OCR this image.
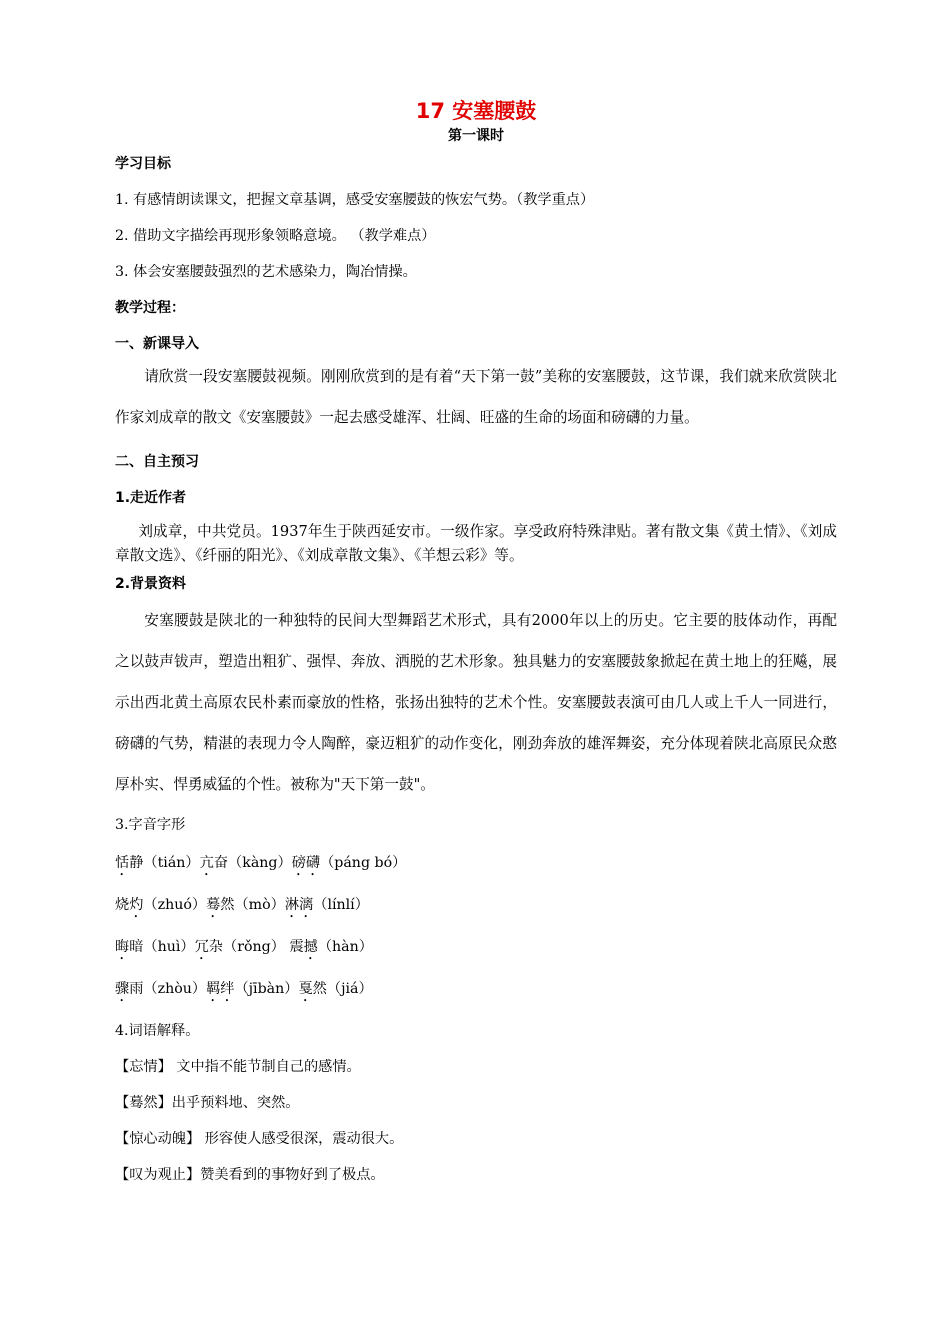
17 安塞腰鼓
第一课时
学习目标
1. 有感情朗读课文，把握文章基调，感受安塞腰鼓的恢宏气势。（教学重点）
2. 借助文字描绘再现形象领略意境。 （教学难点）
3. 体会安塞腰鼓强烈的艺术感染力，陶冶情操。
教学过程：
一、新课导入

请欣赏一段安塞腰鼓视频。刚刚欣赏到的是有着“天下第一鼓”美称的安塞腰鼓，这节课，我们就来欣赏陕北作家刘成章的散文《安塞腰鼓》一起去感受雄浑、壮阔、旺盛的生命的场面和磅礴的力量。

二、自主预习
1.走近作者

刘成章，中共党员。1937年生于陕西延安市。一级作家。享受政府特殊津贴。著有散文集《黄土情》、《刘成章散文选》、《纤丽的阳光》、《刘成章散文集》、《羊想云彩》等。

2.背景资料

安塞腰鼓是陕北的一种独特的民间大型舞蹈艺术形式，具有2000年以上的历史。它主要的肢体动作，再配之以鼓声钹声，塑造出粗犷、强悍、奔放、洒脱的艺术形象。独具魅力的安塞腰鼓象掀起在黄土地上的狂飚，展示出西北黄土高原农民朴素而豪放的性格，张扬出独特的艺术个性。安塞腰鼓表演可由几人或上千人一同进行，磅礴的气势，精湛的表现力令人陶醉，豪迈粗犷的动作变化，刚劲奔放的雄浑舞姿，充分体现着陕北高原民众憨厚朴实、悍勇威猛的个性。被称为"天下第一鼓"。

3.字音字形
恬静（tián）亢奋（kàng）磅礴（páng bó）
烧灼（zhuó）蓦然（mò）淋漓（línlí）
晦暗（huì）冗杂（rǒng） 震撼（hàn）
骤雨（zhòu）羁绊（jībàn）戛然（jiá）
4.词语解释。
【忘情】 文中指不能节制自己的感情。
【蓦然】出乎预料地、突然。
【惊心动魄】 形容使人感受很深，震动很大。
【叹为观止】赞美看到的事物好到了极点。
